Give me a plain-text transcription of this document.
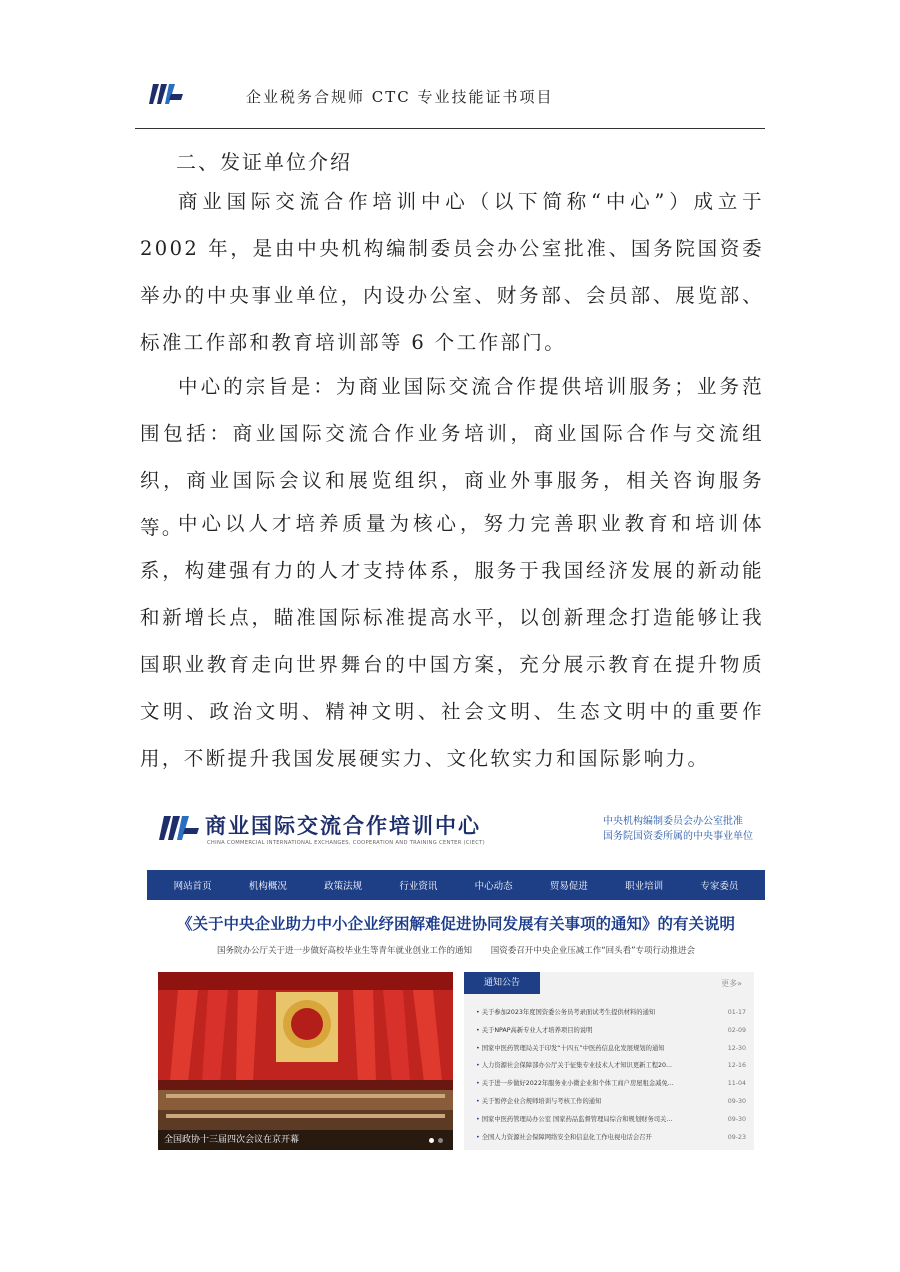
企业税务合规师 CTC 专业技能证书项目
二、发证单位介绍

商业国际交流合作培训中心（以下简称“中心”）成立于 2002 年，是由中央机构编制委员会办公室批准、国务院国资委举办的中央事业单位，内设办公室、财务部、会员部、展览部、标准工作部和教育培训部等 6 个工作部门。

中心的宗旨是：为商业国际交流合作提供培训服务；业务范围包括：商业国际交流合作业务培训，商业国际合作与交流组织，商业国际会议和展览组织，商业外事服务，相关咨询服务等。

中心以人才培养质量为核心，努力完善职业教育和培训体系，构建强有力的人才支持体系，服务于我国经济发展的新动能和新增长点，瞄准国际标准提高水平，以创新理念打造能够让我国职业教育走向世界舞台的中国方案，充分展示教育在提升物质文明、政治文明、精神文明、社会文明、生态文明中的重要作用，不断提升我国发展硬实力、文化软实力和国际影响力。

商业国际交流合作培训中心
CHINA COMMERCIAL INTERNATIONAL EXCHANGES, COOPERATION AND TRAINING CENTER (CIECT)
中央机构编制委员会办公室批准
国务院国资委所属的中央事业单位
网站首页	机构概况	政策法规	行业资讯	中心动态	贸易促进	职业培训	专家委员
《关于中央企业助力中小企业纾困解难促进协同发展有关事项的通知》的有关说明
国务院办公厅关于进一步做好高校毕业生等青年就业创业工作的通知 国资委召开中央企业压减工作“回头看”专项行动推进会
全国政协十三届四次会议在京开幕
通知公告	更多»
• 关于参加2023年度国资委公务员考录面试考生提供材料的通知	01-17
• 关于NPAP高新专业人才培养项目的说明	02-09
• 国家中医药管理局关于印发“十四五”中医药信息化发展规划的通知	12-30
• 人力资源社会保障部办公厅关于征集专业技术人才知识更新工程20...	12-16
• 关于进一步做好2022年服务业小微企业和个体工商户房屋租金减免...	11-04
• 关于暂停企业合规师培训与考核工作的通知	09-30
• 国家中医药管理局办公室 国家药品监督管理局综合和规划财务司关...	09-30
• 全国人力资源社会保障网络安全和信息化工作电视电话会召开	09-23
